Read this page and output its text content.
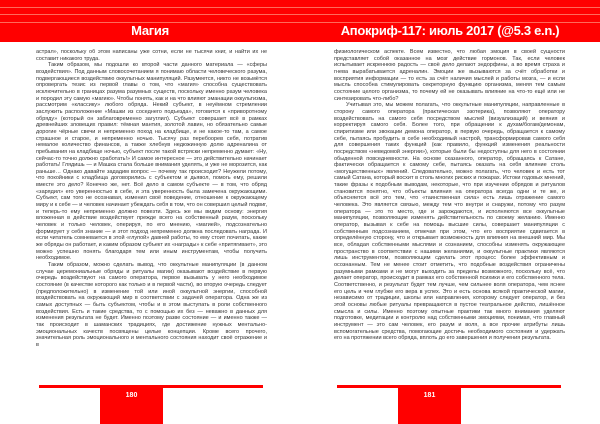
Магия	Апокриф-117: июль 2017 (@5.3 e.n.)

астрал», поскольку об этом написаны уже сотни, если не тысячи книг, и найти их не составит никакого труда.

Таким образом, мы подошли ко второй части данного материала — «сферы воздействия». Под данным словосочетанием я понимаю области человеческого разума, подвергающиеся воздействию оккультных манипуляций. Разумеется, никто не возьмётся опровергать тезис из первой главы о том, что «магия» способна существовать исключительно в границах разума разумных существ, поскольку именно разум человека и породил эту самую «магию». Чтобы понять, как и на что влияют эманации оккультизма, рассмотрим «классику» любого обряда. Некий субъект, в неуёмном стремлении заслужить расположение «Машки из соседнего подъезда», готовится к «приворотному обряду» (который он заблаговременно загуглил). Субъект совершает всё в рамках древнейших зловещих правил: тёмная мантия, золотой лавин, но обязательно самые дорогие чёрные свечи и непременно поход на кладбище, и не какое-то там, а самое страшное и старое, и непременно ночью. Тысячу раз перебоорев себя, потратив немалое количество финансов, а также хлебнув недюжинную долю адреналина от пребывания на кладбище ночью, субъект после такой встряски непременно думает: «Ну, сейчас-то точно должно сработать!» И самое интересное — это действительно начинает работать! Глядишь — и Машка стала больше внимания уделять, и уже не морозится, как раньше… Однако давайте зададим вопрос — почему так происходит? Неужели потому, что покойники с кладбища договорились с субъектом и дьявол, помогь ему, решили вместе это дело? Конечно же, нет. Всё дело в самом субъекте — в том, что обряд «зарядил» его уверенностью в себе, и эта уверенность была замечена окружающими. Субъект, сам того не осознавая, изменил своё поведение, отношение к окружающему миру и к себе — и человек начинает убеждать себя в том, что он совершил целый подвиг, и теперь-то ему непременно должно повезти. Здесь же мы видим основу: энергия вложенная в действие воздействует прежде всего на собственный разум, поскольку человек и только человек, оперируя, по его мнению, «магией», подсознательно формирует у себя знание — и этот подход непременно должна последовать награда. И если читатель сомневается в этой «глупой» давней работы, то ему стоит почитать, какие же обряды он работает, и каким образом субъект их «награды» к себе «притягивает», это можно успешно понять благодаря тем или иным инструментам, чтобы получить необходимое.

Таким образом, можно сделать вывод, что оккультные манипуляции (в данном случае церемониальные обряды и ритуалы магии) оказывают воздействие в первую очередь воздействуют на самого оператора, первое вызывать у него необходимое состояние (в качестве которого как только и в первой части), во вторую очередь следует (предположительно) в изменение той или иной оккультной энергии, способной воздействовать на окружающий мир в соответствии с задачей оператора. Одна же из самых доступных — быть субъектом, чтобы и в этом выступать в роли собственного воздействия. Есть и такие средства, то с помощью их без — неважно в данных для изменения результата не будет. Именно поэтому разве состояние — и именно также — так происходит в шаманских традициях, где достижение нужных ментально-эмоциональных качеств посвящены целые концепции. Кроме всего прочего, значительная роль эмоционального и ментального состояния находит своё отражение и в

физиологическом аспекте. Всем известно, что любая эмоция в своей сущности представляет собой оказанное на мозг действие гормонов. Так, если человек испытывает искреннюю радость — своё дело делают эндорфины, а во время страха и гнева вырабатывается адреналин. Эмоции же вызываются за счёт обработки и восприятия информации — то есть за счёт наличия мыслей и работы мозга, — и если мысль способна стимулировать секреторную функцию организма, меняя тем самым состояние целого организма, то почему ей не оказывать влияние на что-то ещё или не синтезировать что-либо?

Учитывая это, мы можем полагать, что оккультные манипуляции, направленные в сторону самого оператора (практическая эзотерика), позволяют оператору воздействовать на самого себя посредством мыслей (визуализаций) и веяния и корректируя самого себя. Более того, при обращении к духам/богам/демонам, спиритизме или эвокации демона оператор, в первую очередь, обращается к самому себе, пытаясь пробудить в себе необходимый настрой, трансформировав самого себя для совершения таких функций (как правило, функций изменения реальности посредством «неведомой энергии»), которые были бы недоступны для него в состоянии обыденной повседневности. На основе сказанного, оператор, обращаясь к Сатане, фактически обращается к самому себе, пытаясь оказать на себя влияние столь «могущественных» явлений. Следовательно, можно полагать, что человек и есть тот самый Сатана, который восхит в столь многих риских и пожарах. Истоки годовых мнений, такие фразы к подобным выводам, некоторые, что при изучении обрядов и ритуалов становится понятно, что объекты влияния на оператора всегда одни и те же, и объясняется всё это тем, что «таинственная сила» есть лишь отражение самого человека. Это является связью, между тем что внутри и снаружи, потому что разум оператора — это то место, где и зарождаются, и исполняются все оккультные манипуляции, позволяющие изменять действительность по своему желанию. Именно оператор, вызывая к себе на помощь высшие силы, совершает манипуляции с собственным подсознанием, отмечая при этом, что его восприятие сдвигается в определённую сторону, что и открывает возможность для влияния на внешний мир. Мы все, обладая собственными мыслями и сознанием, способны изменять окружающее пространство в соответствии с нашими желаниями, и оккультные практики являются лишь инструментом, позволяющим сделать этот процесс более эффективным и осознанным. Тем не менее стоит отметить, что подобные воздействия ограничены разумными рамками и не могут выходить за пределы возможного, поскольку всё, что делает оператор, происходит в рамках его собственной психики и его собственного тела. Соответственно, и результат будет тем лучше, чем сильнее воля оператора, чем яснее его цель и чем глубже его вера в успех. Это и есть основа всякой практической магии, независимо от традиции, школы или направления, которому следует оператор, и без этой основы любые ритуалы превращаются в пустое театральное действо, лишённое смысла и силы. Именно поэтому опытные практики так много внимания уделяют подготовке, медитации и контролю над собственными эмоциями, понимая, что главный инструмент — это сам человек, его разум и воля, а все прочие атрибуты лишь вспомогательные средства, помогающие достичь необходимого состояния и удержать его на протяжении всего обряда, вплоть до его завершения и получения результата.

180	181
